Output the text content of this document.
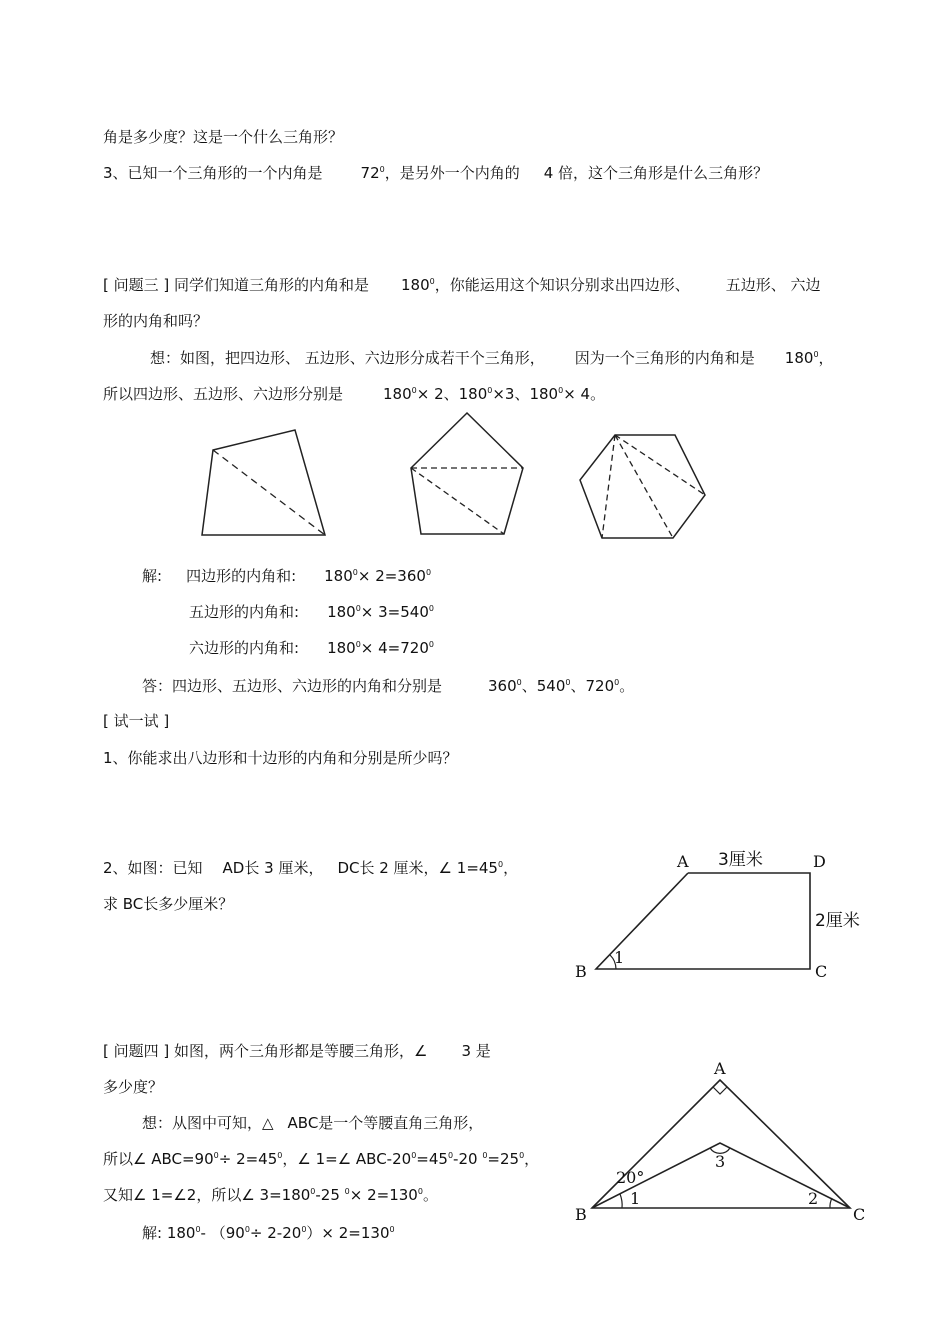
角是多少度？这是一个什么三角形？
3、已知一个三角形的一个内角是	$72^0$，是另外一个内角的 4 倍，这个三角形是什么三角形？
[ 问题三 ] 同学们知道三角形的内角和是 $180^0$，你能运用这个知识分别求出四边形、 五边形、 六边
形的内角和吗？
想：如图，把四边形、 五边形、六边形分成若干个三角形， 因为一个三角形的内角和是 $180^0$，
所以四边形、五边形、六边形分别是	$180^0\times 2$、$180^0\times 3$、$180^0\times 4$。
解: 四边形的内角和: $180^0\times 2=360^0$
五边形的内角和: $180^0\times 3=540^0$
六边形的内角和: $180^0\times 4=720^0$
答：四边形、五边形、六边形的内角和分别是	$360^0$、$540^0$、$720^0$。
[ 试一试 ]
1、你能求出八边形和十边形的内角和分别是所少吗？
2、如图：已知 AD长 3 厘米， DC长 2 厘米，∠ $1=45^0$，
求 BC长多少厘米？
A	D
B	C
3厘米
2厘米
1
[ 问题四 ] 如图，两个三角形都是等腰三角形，∠ 3 是
多少度？
想：从图中可知，△ ABC是一个等腰直角三角形，
所以∠ $ABC=90^0\div 2=45^0$，∠ 1=∠ ABC-$20^0=45^0-20$ $^0=25^0$，
又知∠ 1=∠2，所以∠ $3=180^0-25$ $^0\times 2=130^0$。
解: $180^0-$ $(90^0\div 2-20^0)\times 2=130^0$
A
B	C
1	2
3
20°
